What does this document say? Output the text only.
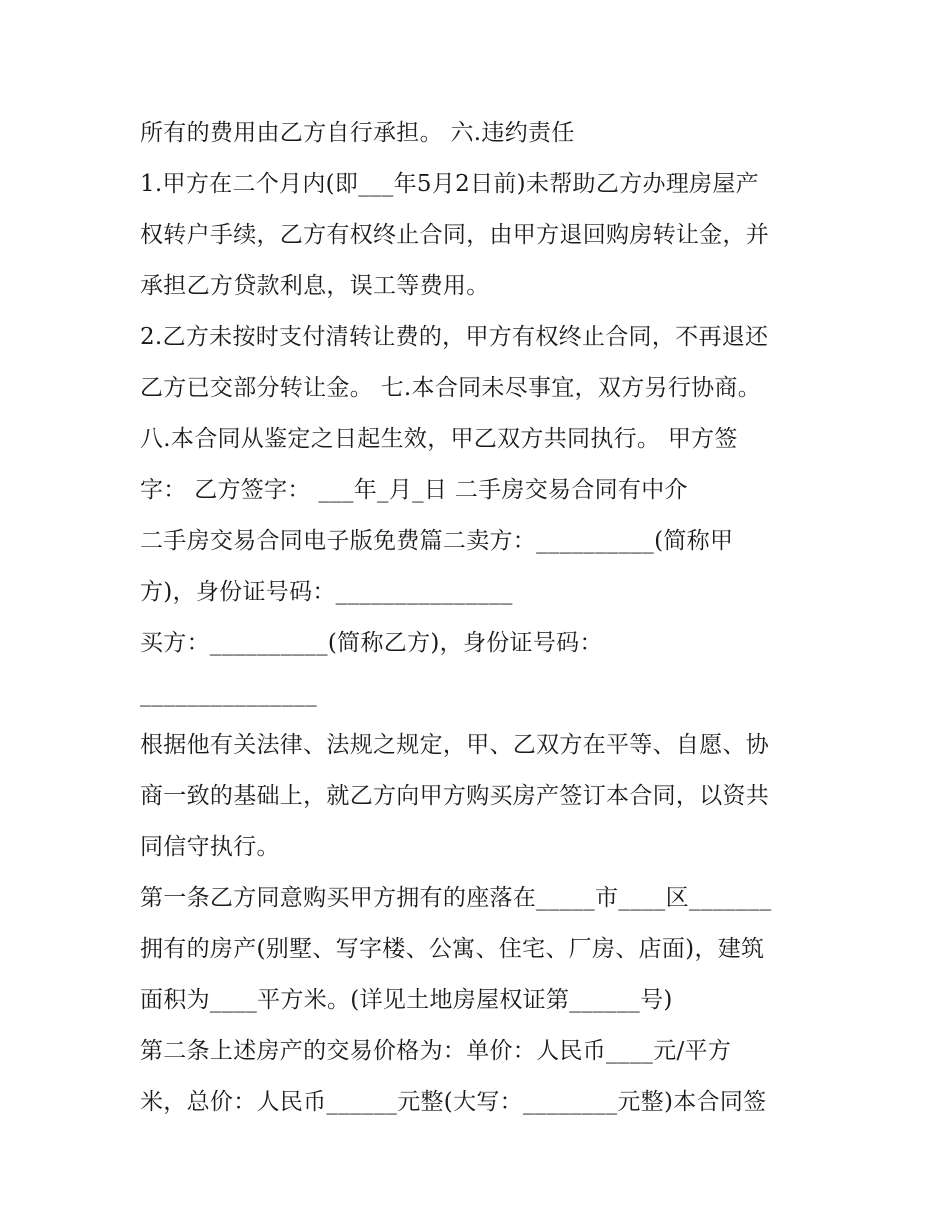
所有的费用由乙方自行承担。 六.违约责任
1.甲方在二个月内(即___年5月2日前)未帮助乙方办理房屋产
权转户手续，乙方有权终止合同，由甲方退回购房转让金，并
承担乙方贷款利息，误工等费用。
2.乙方未按时支付清转让费的，甲方有权终止合同，不再退还
乙方已交部分转让金。 七.本合同未尽事宜，双方另行协商。
八.本合同从鉴定之日起生效，甲乙双方共同执行。 甲方签
字： 乙方签字： ___年_月_日 二手房交易合同有中介
二手房交易合同电子版免费篇二卖方：__________(简称甲
方)，身份证号码：_______________
买方：__________(简称乙方)，身份证号码：
_______________
根据他有关法律、法规之规定，甲、乙双方在平等、自愿、协
商一致的基础上，就乙方向甲方购买房产签订本合同，以资共
同信守执行。
第一条乙方同意购买甲方拥有的座落在_____市____区_______
拥有的房产(别墅、写字楼、公寓、住宅、厂房、店面)，建筑
面积为____平方米。(详见土地房屋权证第______号)
第二条上述房产的交易价格为：单价：人民币____元/平方
米，总价：人民币______元整(大写：________元整)本合同签
